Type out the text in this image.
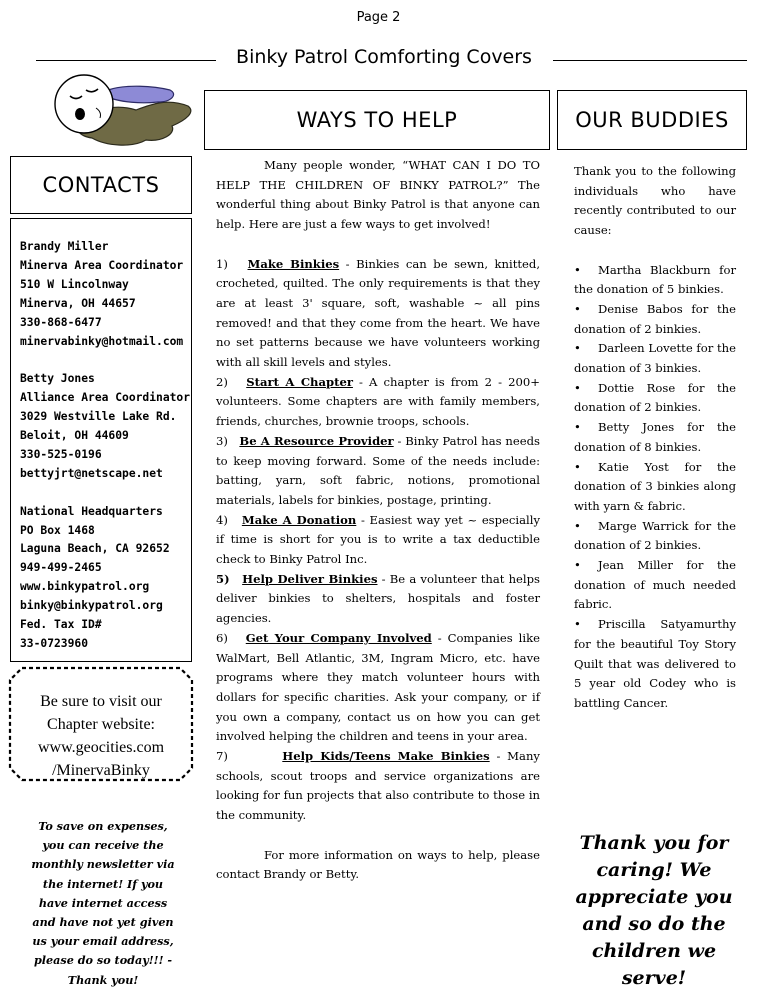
Page 2
Binky Patrol Comforting Covers
CONTACTS
WAYS TO HELP	OUR BUDDIES
Brandy Miller
Minerva Area Coordinator
510 W Lincolnway
Minerva, OH 44657
330-868-6477
minervabinky@hotmail.com
Betty Jones
Alliance Area Coordinator
3029 Westville Lake Rd.
Beloit, OH 44609
330-525-0196
bettyjrt@netscape.net
National Headquarters
PO Box 1468
Laguna Beach, CA 92652
949-499-2465
www.binkypatrol.org
binky@binkypatrol.org
Fed. Tax ID#
33-0723960
Be sure to visit our
Chapter website:
www.geocities.com
/MinervaBinky
To save on expenses,
you can receive the
monthly newsletter via
the internet! If you
have internet access
and have not yet given
us your email address,
please do so today!!! -
Thank you!

Many people wonder, “WHAT CAN I DO TO HELP THE CHILDREN OF BINKY PATROL?” The wonderful thing about Binky Patrol is that anyone can help. Here are just a few ways to get involved!

1) Make Binkies - Binkies can be sewn, knitted, crocheted, quilted. The only requirements is that they are at least 3' square, soft, washable ~ all pins removed! and that they come from the heart. We have no set patterns because we have volunteers working with all skill levels and styles.

2) Start A Chapter - A chapter is from 2 - 200+ volunteers. Some chapters are with family members, friends, churches, brownie troops, schools.

3) Be A Resource Provider - Binky Patrol has needs to keep moving forward. Some of the needs include: batting, yarn, soft fabric, notions, promotional materials, labels for binkies, postage, printing.

4) Make A Donation - Easiest way yet ~ especially if time is short for you is to write a tax deductible check to Binky Patrol Inc.

5) Help Deliver Binkies - Be a volunteer that helps deliver binkies to shelters, hospitals and foster agencies.

6) Get Your Company Involved - Companies like WalMart, Bell Atlantic, 3M, Ingram Micro, etc. have programs where they match volunteer hours with dollars for specific charities. Ask your company, or if you own a company, contact us on how you can get involved helping the children and teens in your area.

7)	Help Kids/Teens Make Binkies - Many schools, scout troops and service organizations are looking for fun projects that also contribute to those in the community.

For more information on ways to help, please contact Brandy or Betty.

Thank you to the following individuals who have recently contributed to our cause:

• Martha Blackburn for the donation of 5 binkies.

• Denise Babos for the donation of 2 binkies.

• Darleen Lovette for the donation of 3 binkies.

• Dottie Rose for the donation of 2 binkies.

• Betty Jones for the donation of 8 binkies.

• Katie Yost for the donation of 3 binkies along with yarn & fabric.

• Marge Warrick for the donation of 2 binkies.

• Jean Miller for the donation of much needed fabric.

• Priscilla Satyamurthy for the beautiful Toy Story Quilt that was delivered to 5 year old Codey who is battling Cancer.

Thank you for
caring! We
appreciate you
and so do the
children we
serve!
